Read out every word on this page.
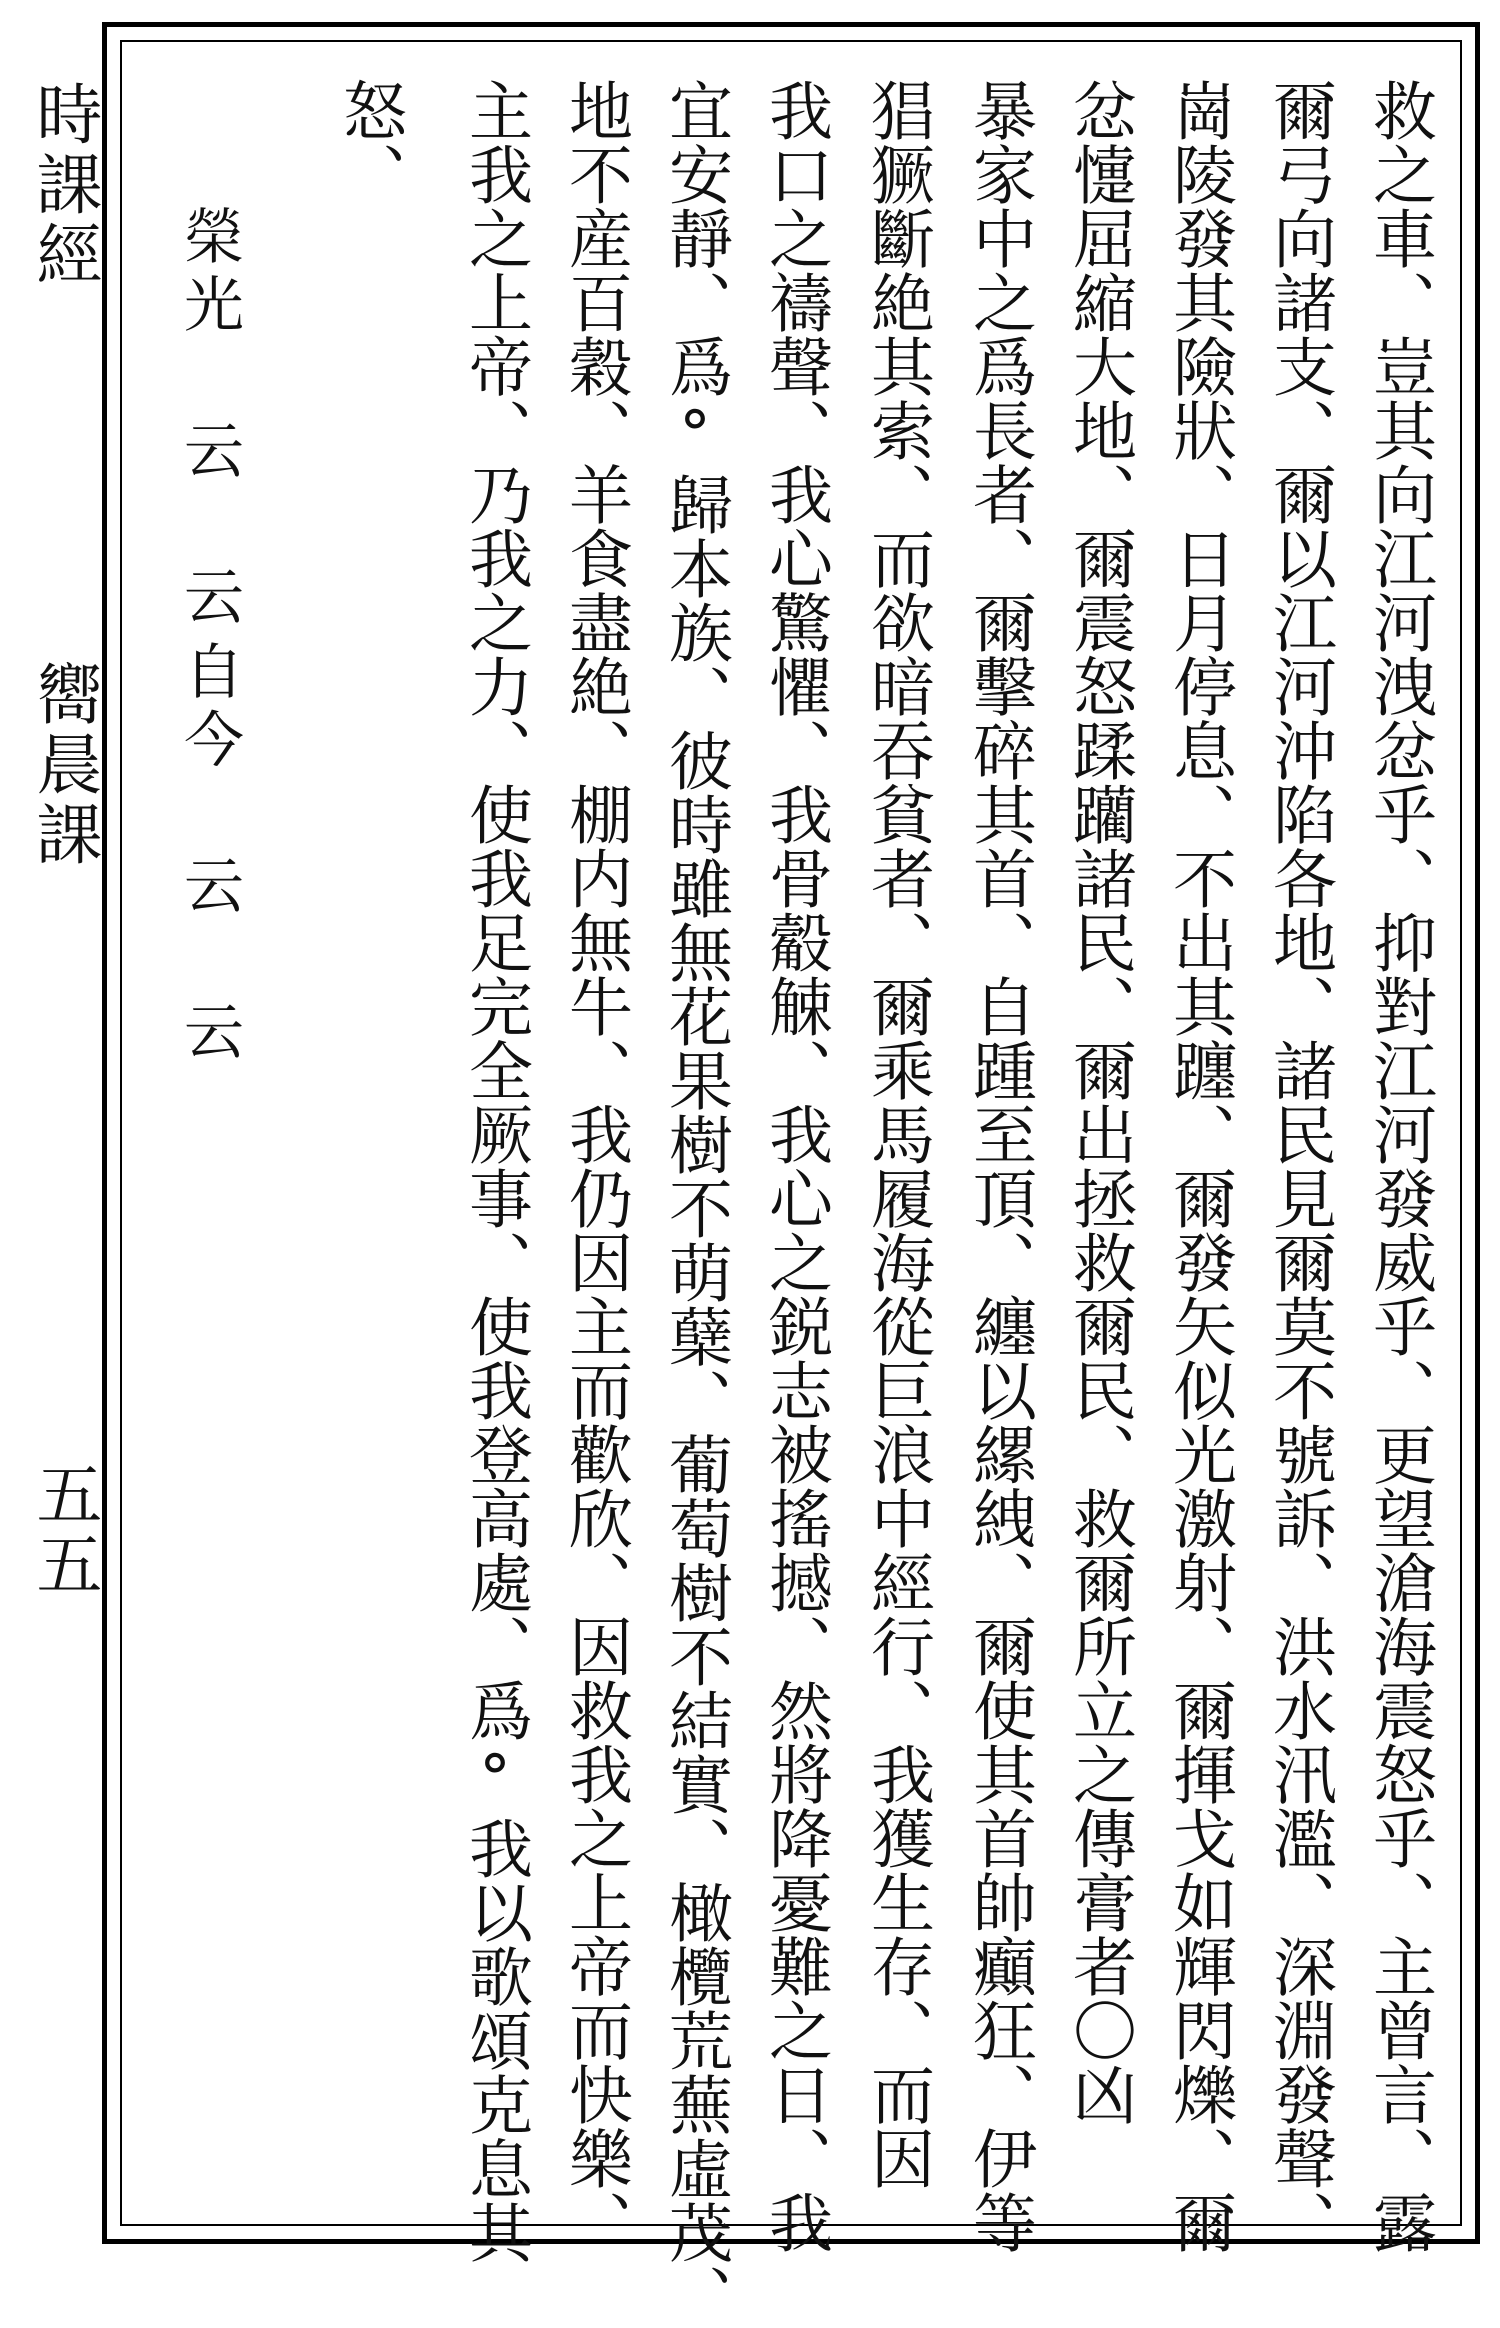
時課經
嚮晨課
五五	救之車、豈其向江河洩忿乎、抑對江河發威乎、更望滄海震怒乎、主曾言、露
爾弓向諸支、爾以江河沖陷各地、諸民見爾莫不號訴、洪水汛濫、深淵發聲、
崗陵發其險狀、日月停息、不出其躔、爾發矢似光激射、爾揮戈如輝閃爍、爾
忿懥屈縮大地、爾震怒蹂躪諸民、爾出拯救爾民、救爾所立之傳膏者〇凶
暴家中之爲長者、爾擊碎其首、自踵至頂、纏以縲絏、爾使其首帥癲狂、伊等
猖獗斷絶其索、而欲暗吞貧者、爾乘馬履海從巨浪中經行、我獲生存、而因
我口之禱聲、我心驚懼、我骨觳觫、我心之鋭志被搖撼、然將降憂難之日、我
宜安靜、爲°歸本族、彼時雖無花果樹不萌蘖、葡萄樹不結實、橄欖荒蕪虛茂、
地不産百穀、羊食盡絶、棚内無牛、我仍因主而歡欣、因救我之上帝而快樂、
主我之上帝、乃我之力、使我足完全厥事、使我登高處、爲°我以歌頌克息其
怒、
榮光 云 云
自今 云 云
